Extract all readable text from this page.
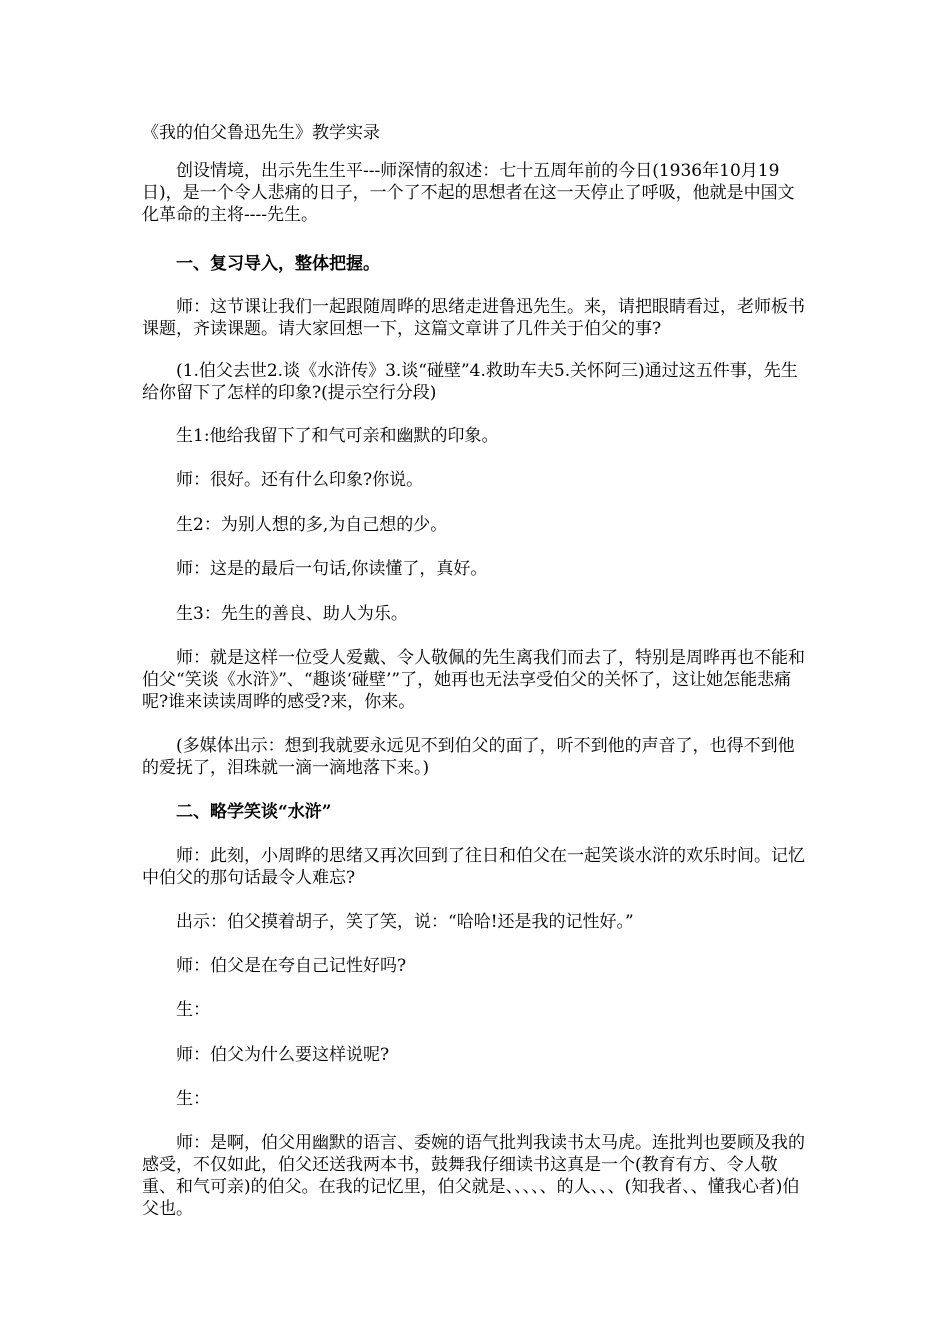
《我的伯父鲁迅先生》教学实录
创设情境，出示先生生平---师深情的叙述：七十五周年前的今日(1936年10月19日)，是一个令人悲痛的日子，一个了不起的思想者在这一天停止了呼吸，他就是中国文化革命的主将----先生。
一、复习导入，整体把握。
师：这节课让我们一起跟随周晔的思绪走进鲁迅先生。来，请把眼睛看过，老师板书课题，齐读课题。请大家回想一下，这篇文章讲了几件关于伯父的事?
(1.伯父去世2.谈《水浒传》3.谈“碰壁”4.救助车夫5.关怀阿三)通过这五件事，先生给你留下了怎样的印象?(提示空行分段)
生1:他给我留下了和气可亲和幽默的印象。
师：很好。还有什么印象?你说。
生2：为别人想的多,为自己想的少。
师：这是的最后一句话,你读懂了，真好。
生3：先生的善良、助人为乐。
师：就是这样一位受人爱戴、令人敬佩的先生离我们而去了，特别是周晔再也不能和伯父“笑谈《水浒》”、“趣谈‘碰壁’”了，她再也无法享受伯父的关怀了，这让她怎能悲痛呢?谁来读读周晔的感受?来，你来。
(多媒体出示：想到我就要永远见不到伯父的面了，听不到他的声音了，也得不到他的爱抚了，泪珠就一滴一滴地落下来。)
二、略学笑谈“水浒”
师：此刻，小周晔的思绪又再次回到了往日和伯父在一起笑谈水浒的欢乐时间。记忆中伯父的那句话最令人难忘?
出示：伯父摸着胡子，笑了笑，说：“哈哈!还是我的记性好。”
师：伯父是在夸自己记性好吗?
生：
师：伯父为什么要这样说呢?
生：
师：是啊，伯父用幽默的语言、委婉的语气批判我读书太马虎。连批判也要顾及我的感受，不仅如此，伯父还送我两本书，鼓舞我仔细读书这真是一个(教育有方、令人敬重、和气可亲)的伯父。在我的记忆里，伯父就是、、、、、的人、、、(知我者、、懂我心者)伯父也。
